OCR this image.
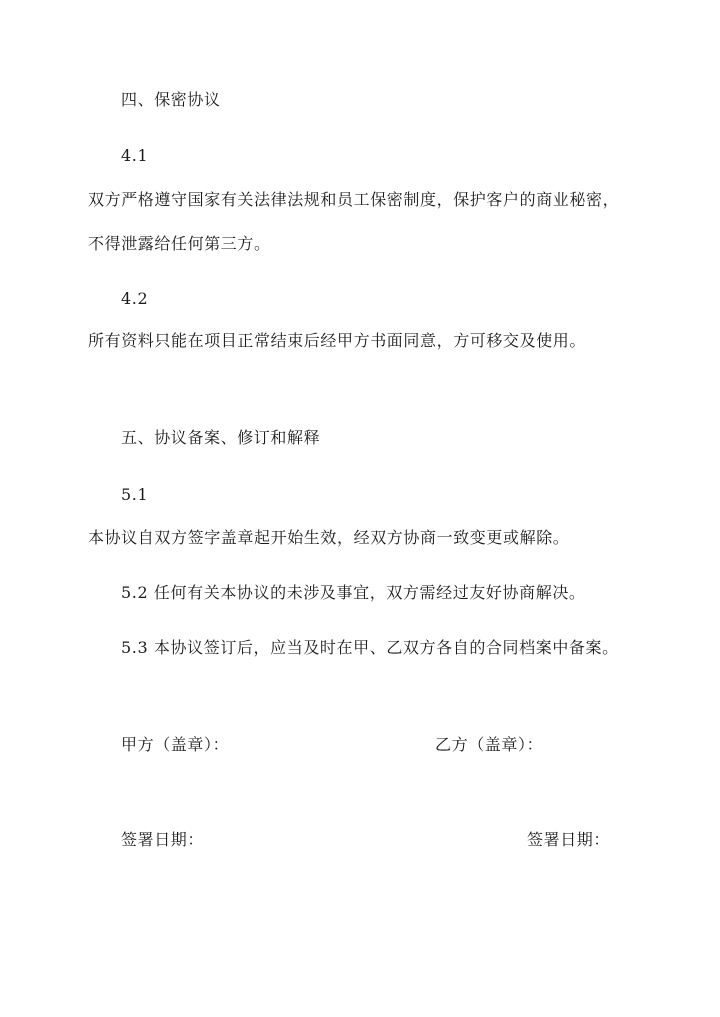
四、保密协议
4.1
双方严格遵守国家有关法律法规和员工保密制度，保护客户的商业秘密，
不得泄露给任何第三方。
4.2
所有资料只能在项目正常结束后经甲方书面同意，方可移交及使用。
五、协议备案、修订和解释
5.1
本协议自双方签字盖章起开始生效，经双方协商一致变更或解除。
5.2 任何有关本协议的未涉及事宜，双方需经过友好协商解决。
5.3 本协议签订后，应当及时在甲、乙双方各自的合同档案中备案。
甲方（盖章）：	乙方（盖章）：
签署日期：	签署日期：
